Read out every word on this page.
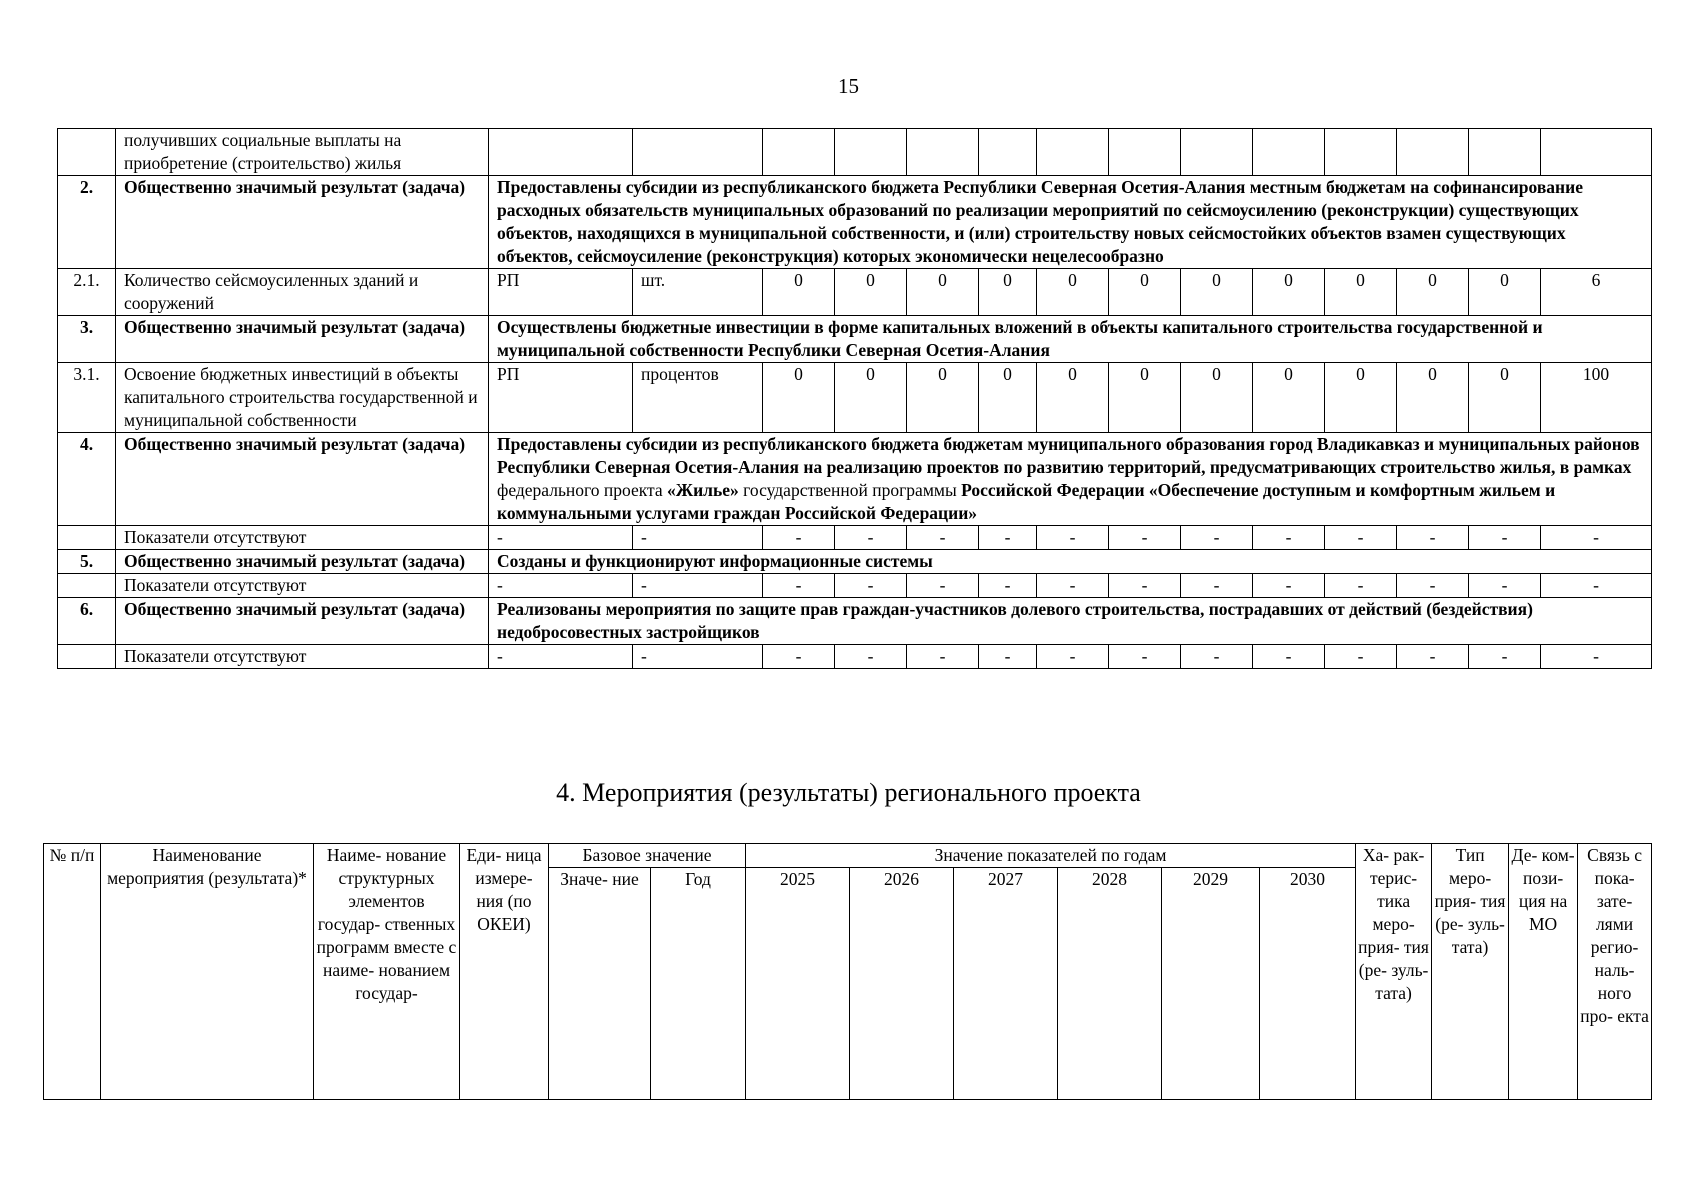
15
	получивших социальные выплаты на приобретение (строительство) жилья														
2.	Общественно значимый результат (задача)	Предоставлены субсидии из республиканского бюджета Республики Северная Осетия-Алания местным бюджетам на софинансирование расходных обязательств муниципальных образований по реализации мероприятий по сейсмоусилению (реконструкции) существующих объектов, находящихся в муниципальной собственности, и (или) строительству новых сейсмостойких объектов взамен существующих объектов, сейсмоусиление (реконструкция) которых экономически нецелесообразно													
2.1.	Количество сейсмоусиленных зданий и сооружений	РП	шт.	0	0	0	0	0	0	0	0	0	0	0	6
3.	Общественно значимый результат (задача)	Осуществлены бюджетные инвестиции в форме капитальных вложений в объекты капитального строительства государственной и муниципальной собственности Республики Северная Осетия-Алания													
3.1.	Освоение бюджетных инвестиций в объекты капитального строительства государственной и муниципальной собственности	РП	процентов	0	0	0	0	0	0	0	0	0	0	0	100
4.	Общественно значимый результат (задача)	Предоставлены субсидии из республиканского бюджета бюджетам муниципального образования город Владикавказ и муниципальных районов Республики Северная Осетия-Алания на реализацию проектов по развитию территорий, предусматривающих строительство жилья, в рамках федерального проекта «Жилье» государственной программы Российской Федерации «Обеспечение доступным и комфортным жильем и коммунальными услугами граждан Российской Федерации»													
	Показатели отсутствуют	-	-	-	-	-	-	-	-	-	-	-	-	-	-
5.	Общественно значимый результат (задача)	Созданы и функционируют информационные системы													
	Показатели отсутствуют	-	-	-	-	-	-	-	-	-	-	-	-	-	-
6.	Общественно значимый результат (задача)	Реализованы мероприятия по защите прав граждан-участников долевого строительства, пострадавших от действий (бездействия) недобросовестных застройщиков													
	Показатели отсутствуют	-	-	-	-	-	-	-	-	-	-	-	-	-	-
4. Мероприятия (результаты) регионального проекта
№ п/п	Наименование мероприятия (результата)*	Наиме- нование структурных элементов государ- ственных программ вместе с наиме- нованием государ-	Еди- ница измере- ния (по ОКЕИ)	Базовое значение		Значение показателей по годам						Ха- рак- терис- тика меро- прия- тия (ре- зуль- тата)	Тип меро- прия- тия (ре- зуль- тата)	Де- ком- пози- ция на МО	Связь с пока- зате- лями регио- наль- ного про- екта
				Значе- ние	Год	2025	2026	2027	2028	2029	2030				
